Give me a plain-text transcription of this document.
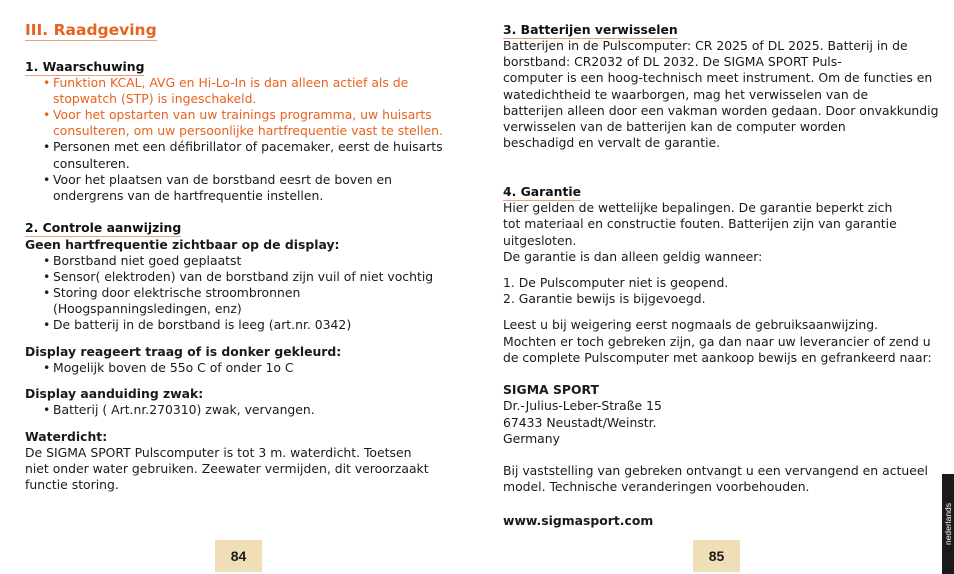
III. Raadgeving
1. Waarschuwing
• Funktion KCAL, AVG en Hi-Lo-In is dan alleen actief als de
stopwatch (STP) is ingeschakeld.
• Voor het opstarten van uw trainings programma, uw huisarts
consulteren, om uw persoonlijke hartfrequentie vast te stellen.
• Personen met een défibrillator of pacemaker, eerst de huisarts
consulteren.
• Voor het plaatsen van de borstband eesrt de boven en
ondergrens van de hartfrequentie instellen.
2. Controle aanwijzing
Geen hartfrequentie zichtbaar op de display:
• Borstband niet goed geplaatst
• Sensor( elektroden) van de borstband zijn vuil of niet vochtig
• Storing door elektrische stroombronnen
(Hoogspanningsledingen, enz)
• De batterij in de borstband is leeg (art.nr. 0342)
Display reageert traag of is donker gekleurd:
• Mogelijk boven de 55o C of onder 1o C
Display aanduiding zwak:
• Batterij ( Art.nr.270310) zwak, vervangen.
Waterdicht:
De SIGMA SPORT Pulscomputer is tot 3 m. waterdicht. Toetsen
niet onder water gebruiken. Zeewater vermijden, dit veroorzaakt
functie storing.
84
3. Batterijen verwisselen
Batterijen in de Pulscomputer: CR 2025 of DL 2025. Batterij in de
borstband: CR2032 of DL 2032. De SIGMA SPORT Puls-
computer is een hoog-technisch meet instrument. Om de functies en
watedichtheid te waarborgen, mag het verwisselen van de
batterijen alleen door een vakman worden gedaan. Door onvakkundig
verwisselen van de batterijen kan de computer worden
beschadigd en vervalt de garantie.
4. Garantie
Hier gelden de wettelijke bepalingen. De garantie beperkt zich
tot materiaal en constructie fouten. Batterijen zijn van garantie
uitgesloten.
De garantie is dan alleen geldig wanneer:
1. De Pulscomputer niet is geopend.
2. Garantie bewijs is bijgevoegd.
Leest u bij weigering eerst nogmaals de gebruiksaanwijzing.
Mochten er toch gebreken zijn, ga dan naar uw leverancier of zend u
de complete Pulscomputer met aankoop bewijs en gefrankeerd naar:
SIGMA SPORT
Dr.-Julius-Leber-Straße 15
67433 Neustadt/Weinstr.
Germany
Bij vaststelling van gebreken ontvangt u een vervangend en actueel
model. Technische veranderingen voorbehouden.
www.sigmasport.com
85
nederlands
